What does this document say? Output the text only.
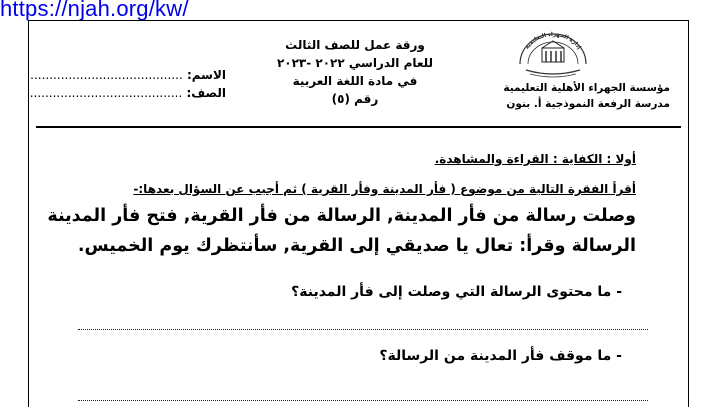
https://njah.org/kw/
إدارة الجهراء التعليمية
مؤسسة الجهراء الأهلية التعليمية
مدرسة الرفعة النموذجية أ. بنون
ورقة عمل للصف الثالث
للعام الدراسي ٢٠٢٢ -٢٠٢٣
في مادة اللغة العربية
رقم (٥)
الاسم: ........................................
الصف: ........................................
أولا : الكفاية : القراءة والمشاهدة.
أقرأ الفقرة التالية من موضوع ( فأر المدينة وفأر القرية ) ثم أجيب عن السؤال بعدها:-
وصلت رسالة من فأر المدينة, الرسالة من فأر القرية, فتح فأر المدينة
الرسالة وقرأ: تعال يا صديقي إلى القرية, سأنتظرك يوم الخميس.
- ما محتوى الرسالة التي وصلت إلى فأر المدينة؟
- ما موقف فأر المدينة من الرسالة؟
